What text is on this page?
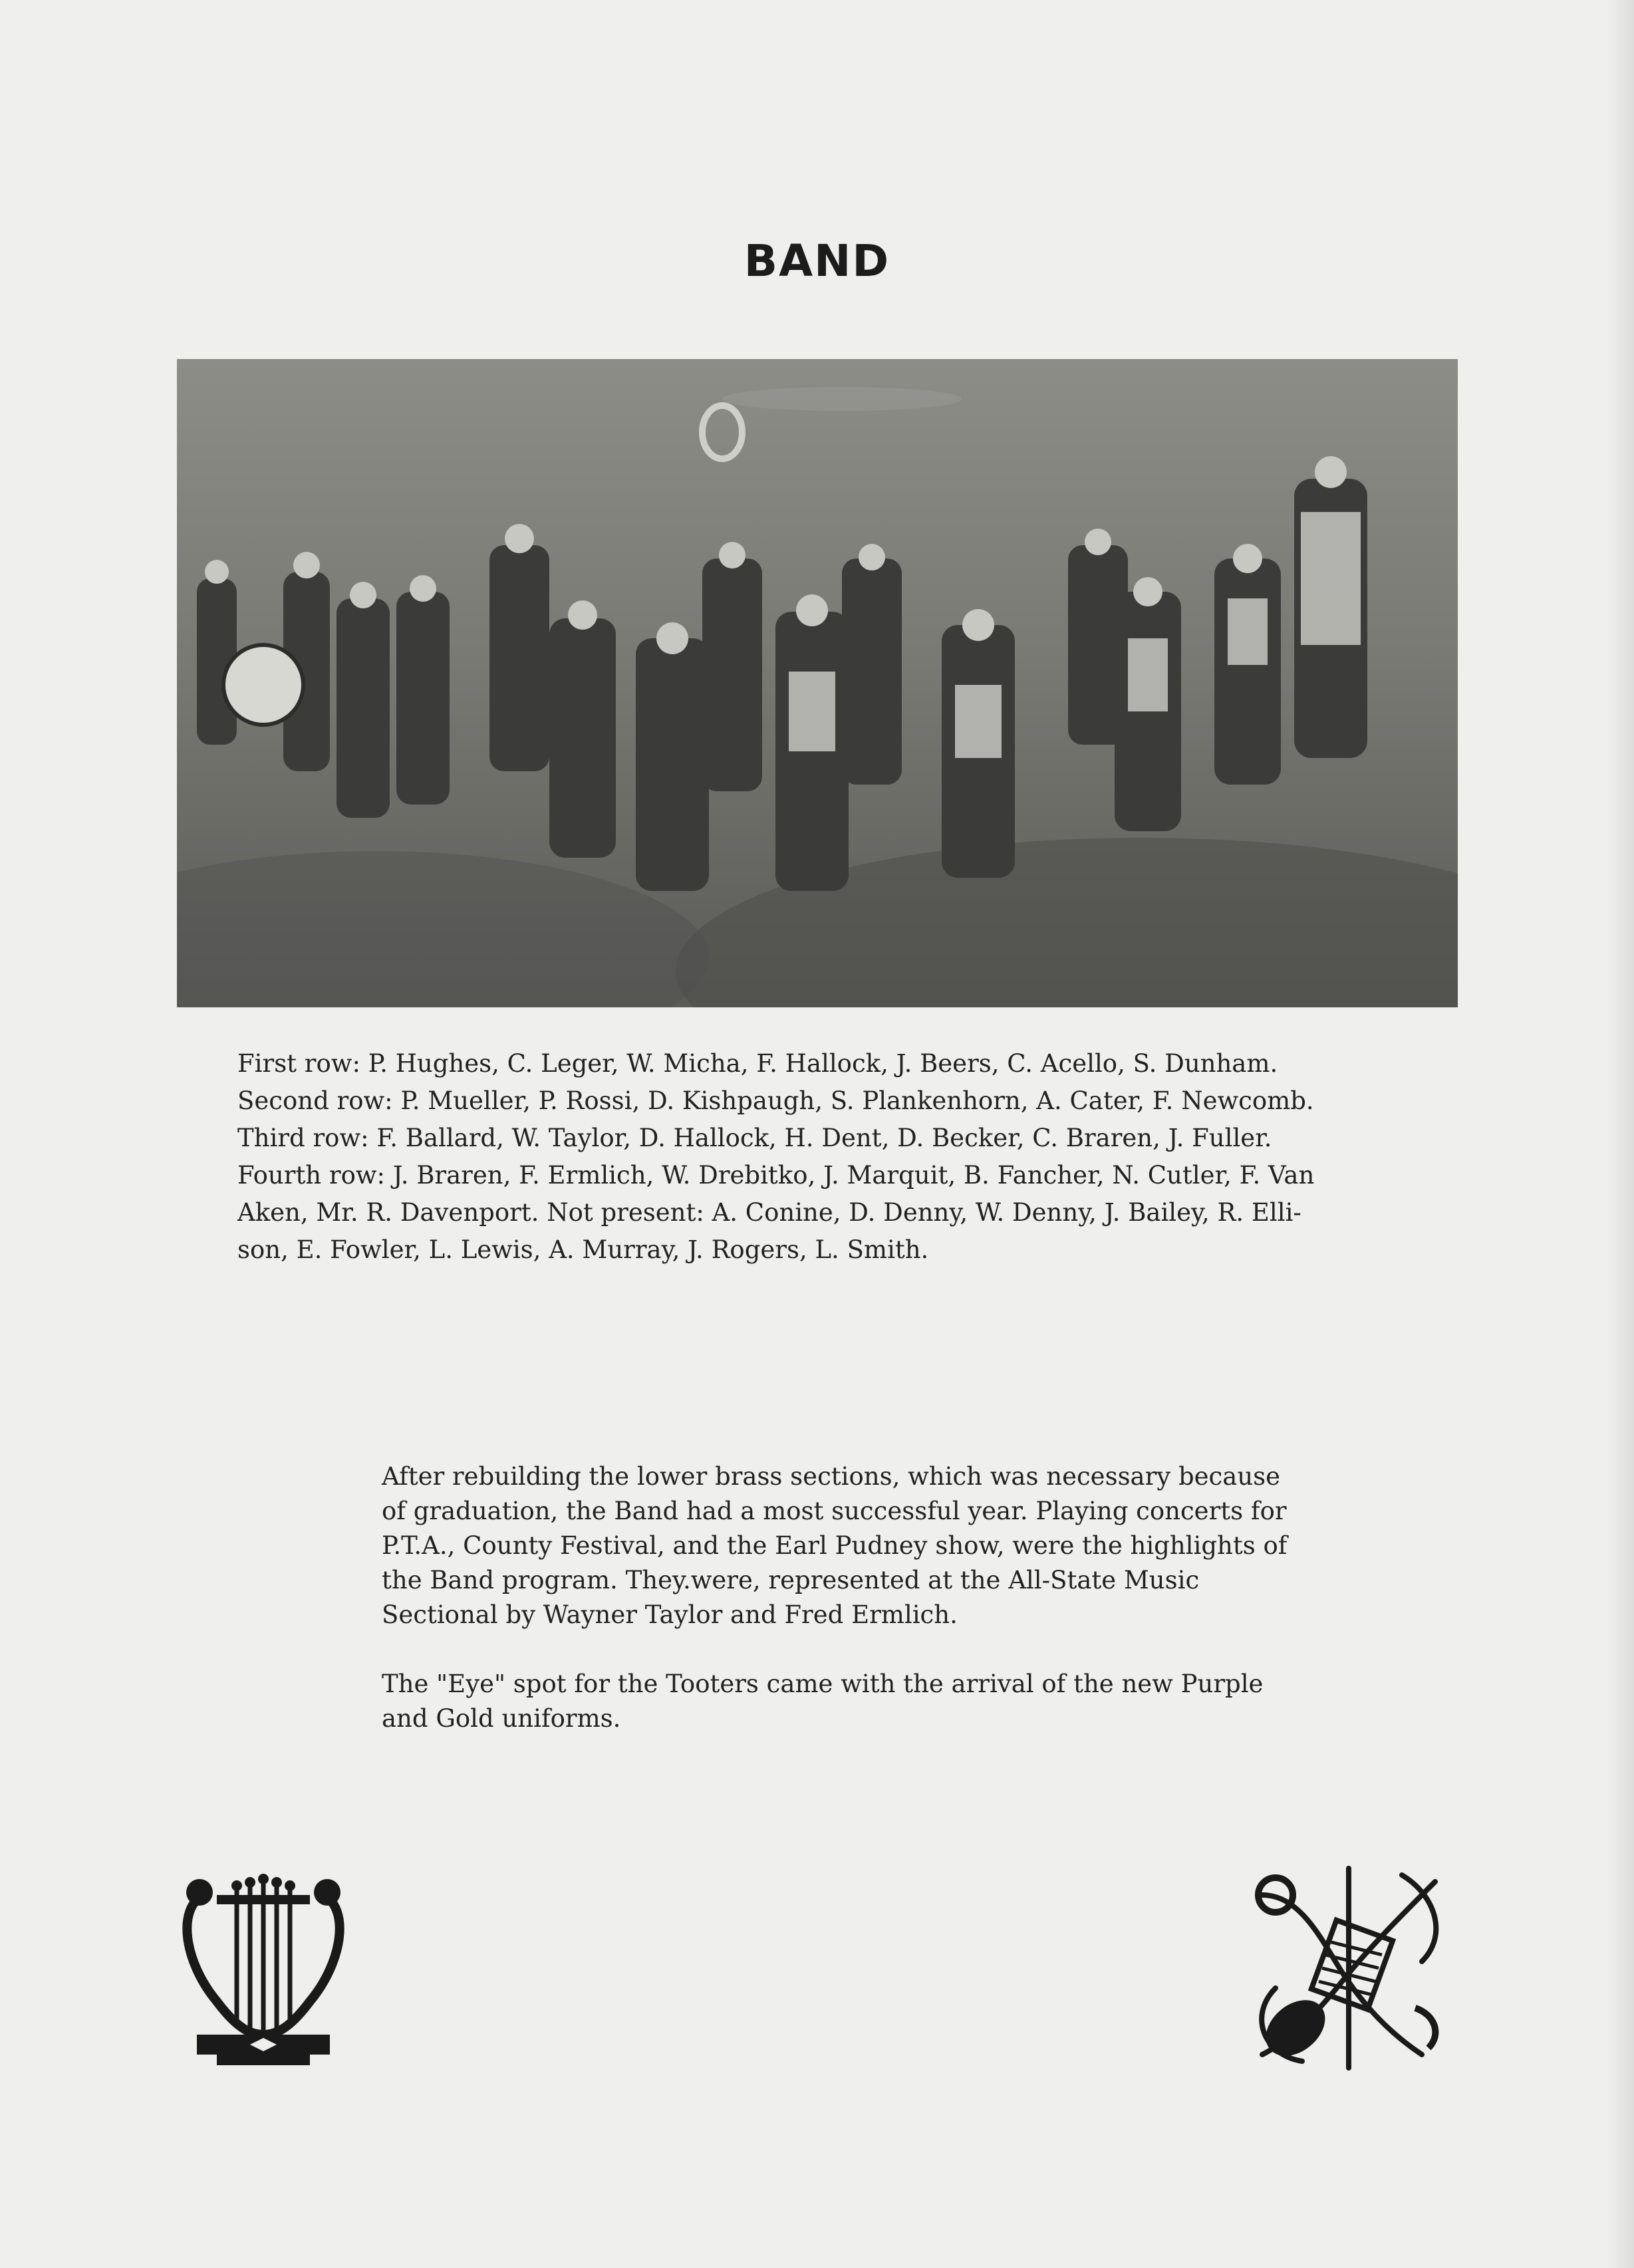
BAND

First row: P. Hughes, C. Leger, W. Micha, F. Hallock, J. Beers, C. Acello, S. Dunham.

Second row: P. Mueller, P. Rossi, D. Kishpaugh, S. Plankenhorn, A. Cater, F. Newcomb.

Third row: F. Ballard, W. Taylor, D. Hallock, H. Dent, D. Becker, C. Braren, J. Fuller.

Fourth row: J. Braren, F. Ermlich, W. Drebitko, J. Marquit, B. Fancher, N. Cutler, F. Van

Aken, Mr. R. Davenport. Not present: A. Conine, D. Denny, W. Denny, J. Bailey, R. Elli-

son, E. Fowler, L. Lewis, A. Murray, J. Rogers, L. Smith.

After rebuilding the lower brass sections, which was necessary because of graduation, the Band had a most successful year. Playing concerts for P.T.A., County Festival, and the Earl Pudney show, were the highlights of the Band program. They.were, represented at the All-State Music Sectional by Wayner Taylor and Fred Ermlich.

The "Eye" spot for the Tooters came with the arrival of the new Purple and Gold uniforms.
